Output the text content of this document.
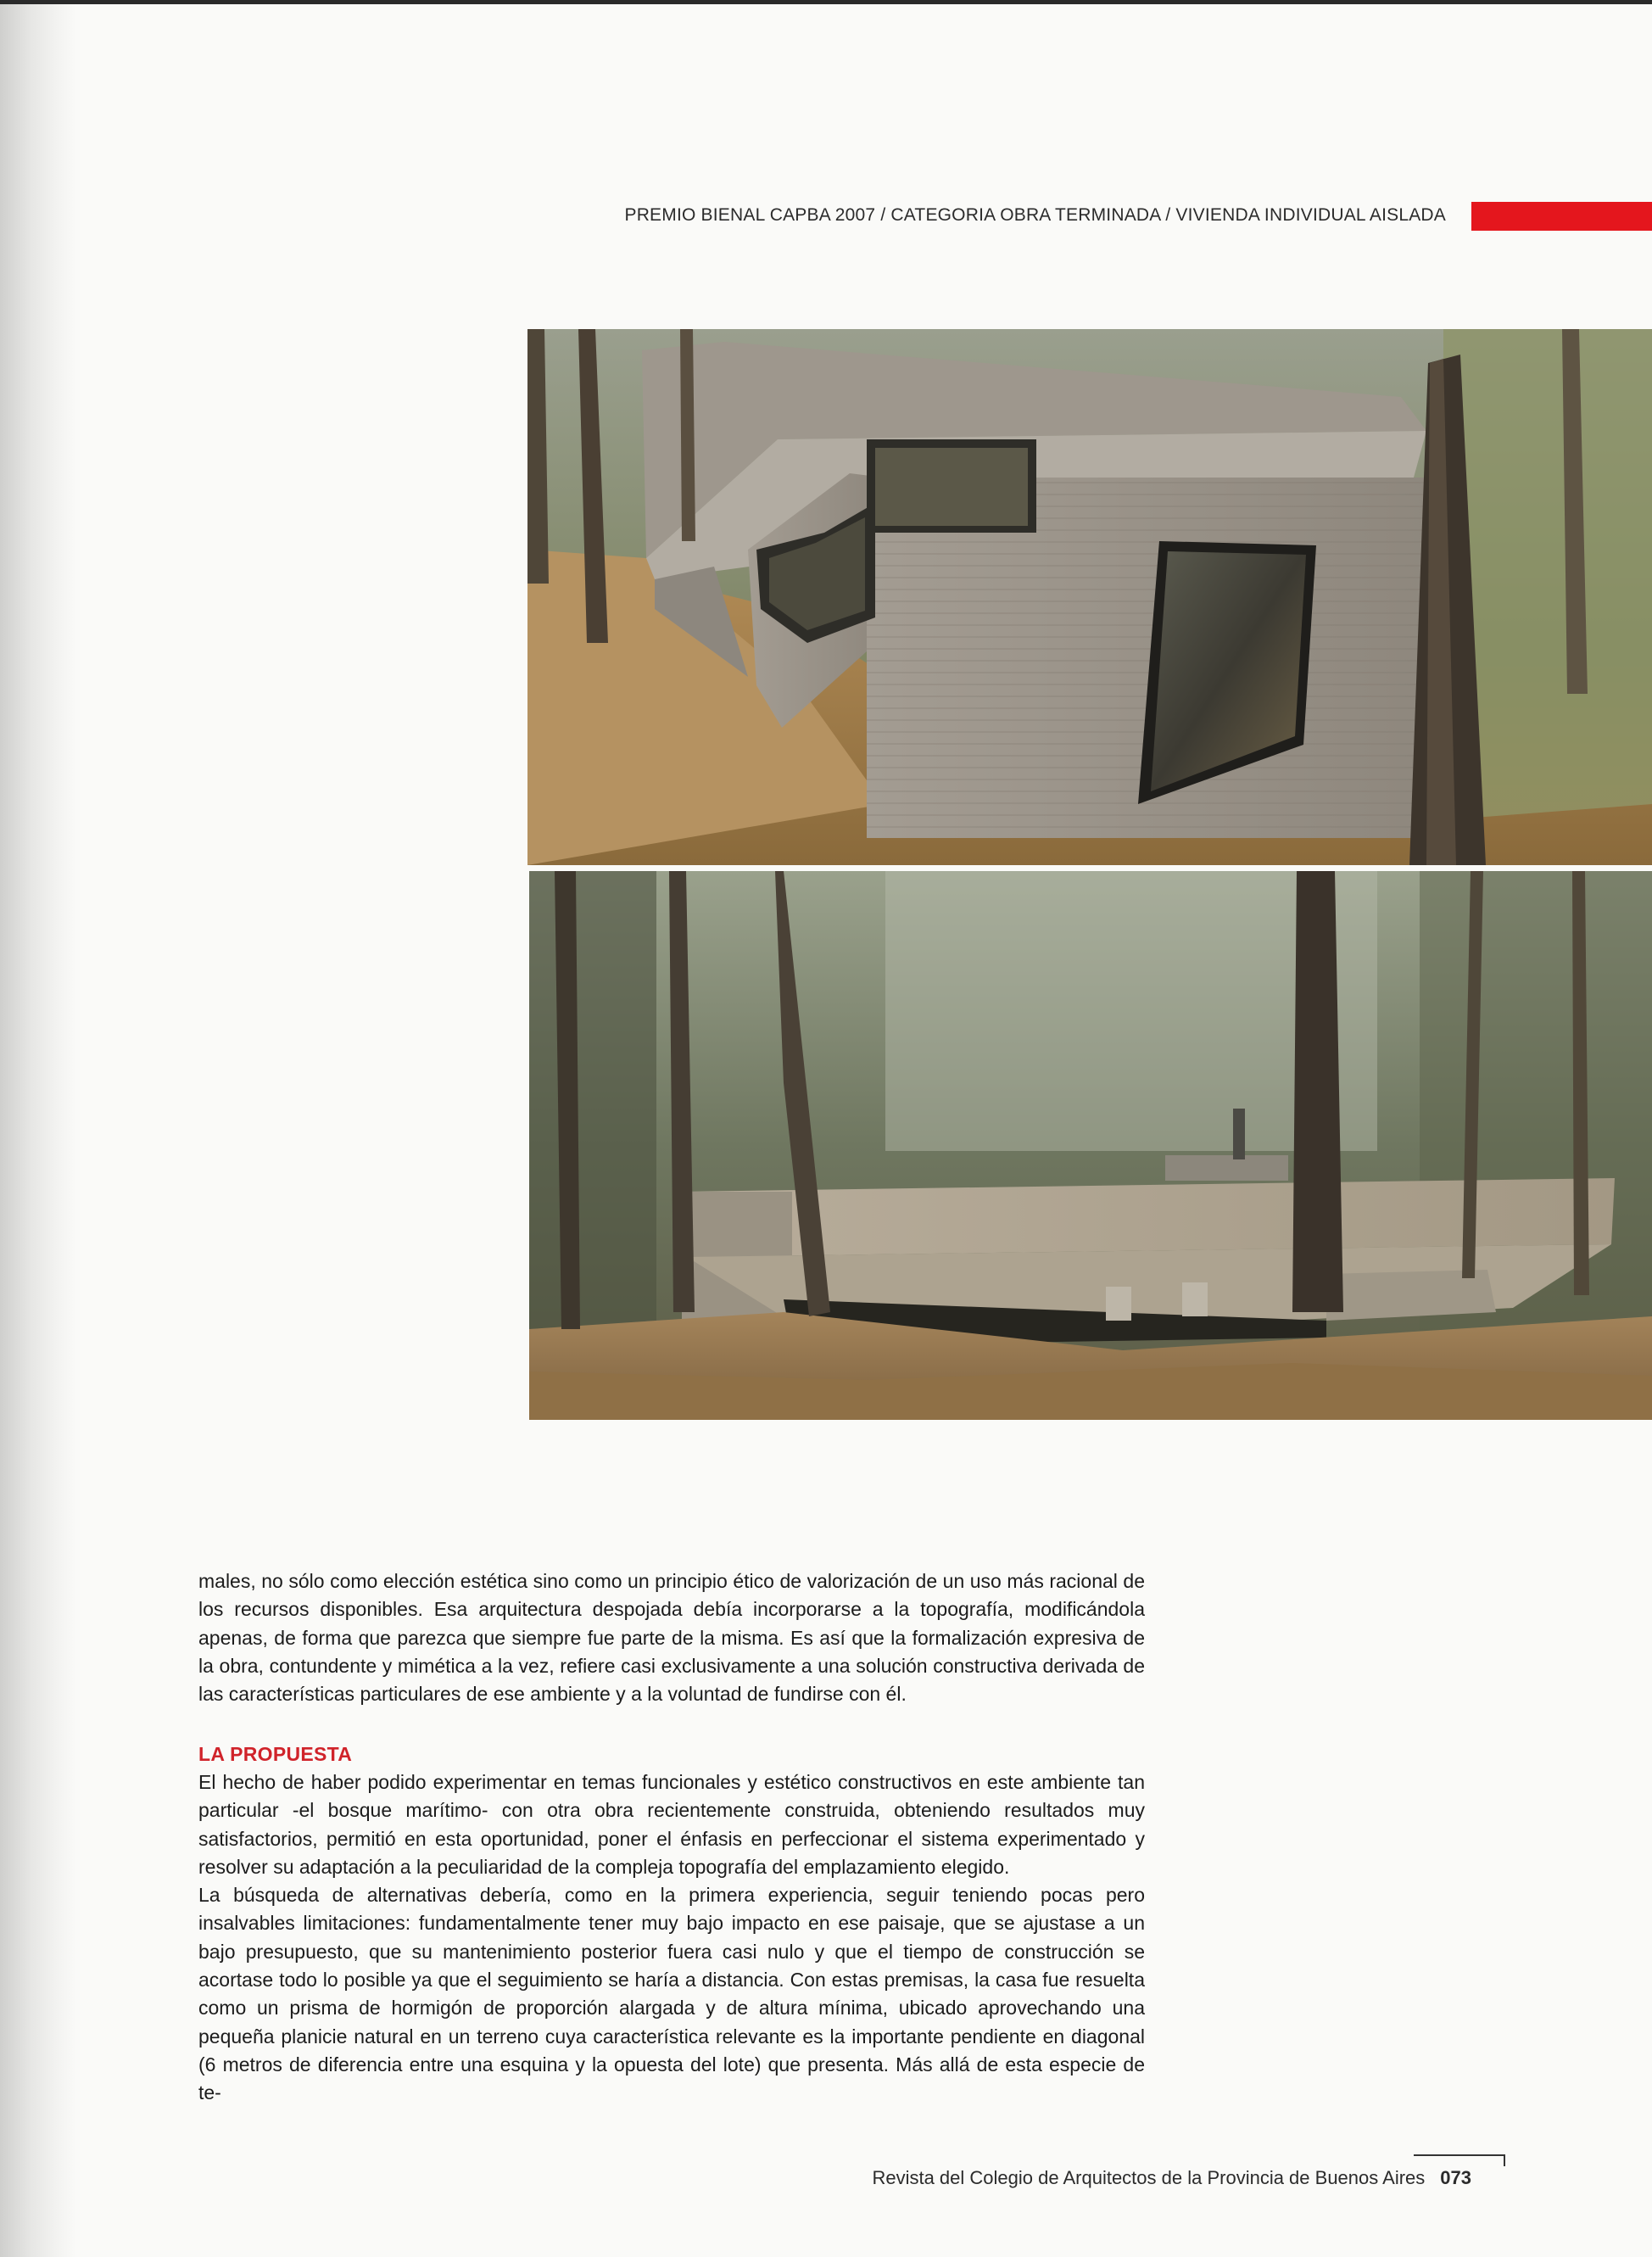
PREMIO BIENAL CAPBA 2007 / CATEGORIA OBRA TERMINADA / VIVIENDA INDIVIDUAL AISLADA

males, no sólo como elección estética sino como un principio ético de valorización de un uso más racional de los recursos disponibles. Esa arquitectura despojada debía incorporarse a la topografía, modificándola apenas, de forma que parezca que siempre fue parte de la misma. Es así que la formalización expresiva de la obra, contundente y mimética a la vez, refiere casi exclusivamente a una solución constructiva derivada de las características particulares de ese ambiente y a la voluntad de fundirse con él.

LA PROPUESTA

El hecho de haber podido experimentar en temas funcionales y estético constructivos en este ambiente tan particular -el bosque marítimo- con otra obra recientemente construida, obteniendo resultados muy satisfactorios, permitió en esta oportunidad, poner el énfasis en perfeccionar el sistema experimentado y resolver su adaptación a la peculiaridad de la compleja topografía del emplazamiento elegido.

La búsqueda de alternativas debería, como en la primera experiencia, seguir teniendo pocas pero insalvables limitaciones: fundamentalmente tener muy bajo impacto en ese paisaje, que se ajustase a un bajo presupuesto, que su mantenimiento posterior fuera casi nulo y que el tiempo de construcción se acortase todo lo posible ya que el seguimiento se haría a distancia. Con estas premisas, la casa fue resuelta como un prisma de hormigón de proporción alargada y de altura mínima, ubicado aprovechando una pequeña planicie natural en un terreno cuya característica relevante es la importante pendiente en diagonal (6 metros de diferencia entre una esquina y la opuesta del lote) que presenta. Más allá de esta especie de te-

Revista del Colegio de Arquitectos de la Provincia de Buenos Aires 073
